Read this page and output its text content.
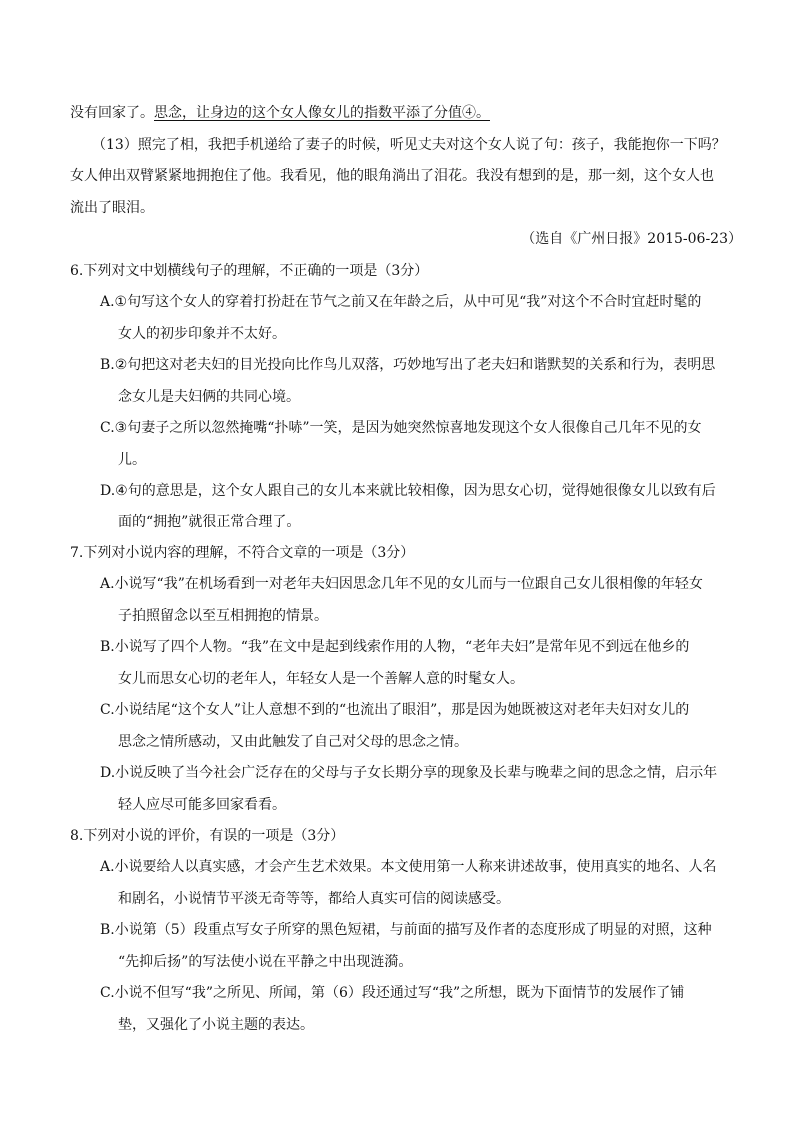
没有回家了。思念，让身边的这个女人像女儿的指数平添了分值④。
（13）照完了相，我把手机递给了妻子的时候，听见丈夫对这个女人说了句：孩子，我能抱你一下吗？
女人伸出双臂紧紧地拥抱住了他。我看见，他的眼角淌出了泪花。我没有想到的是，那一刻，这个女人也
流出了眼泪。
（选自《广州日报》2015-06-23）
6.下列对文中划横线句子的理解，不正确的一项是（3分）
A.①句写这个女人的穿着打扮赶在节气之前又在年龄之后，从中可见“我”对这个不合时宜赶时髦的
女人的初步印象并不太好。
B.②句把这对老夫妇的目光投向比作鸟儿双落，巧妙地写出了老夫妇和谐默契的关系和行为，表明思
念女儿是夫妇俩的共同心境。
C.③句妻子之所以忽然掩嘴“扑哧”一笑，是因为她突然惊喜地发现这个女人很像自己几年不见的女
儿。
D.④句的意思是，这个女人跟自己的女儿本来就比较相像，因为思女心切，觉得她很像女儿以致有后
面的“拥抱”就很正常合理了。
7.下列对小说内容的理解，不符合文章的一项是（3分）
A.小说写“我”在机场看到一对老年夫妇因思念几年不见的女儿而与一位跟自己女儿很相像的年轻女
子拍照留念以至互相拥抱的情景。
B.小说写了四个人物。“我”在文中是起到线索作用的人物，“老年夫妇”是常年见不到远在他乡的
女儿而思女心切的老年人，年轻女人是一个善解人意的时髦女人。
C.小说结尾“这个女人”让人意想不到的“也流出了眼泪”，那是因为她既被这对老年夫妇对女儿的
思念之情所感动，又由此触发了自己对父母的思念之情。
D.小说反映了当今社会广泛存在的父母与子女长期分享的现象及长辈与晚辈之间的思念之情，启示年
轻人应尽可能多回家看看。
8.下列对小说的评价，有误的一项是（3分）
A.小说要给人以真实感，才会产生艺术效果。本文使用第一人称来讲述故事，使用真实的地名、人名
和剧名，小说情节平淡无奇等等，都给人真实可信的阅读感受。
B.小说第（5）段重点写女子所穿的黑色短裙，与前面的描写及作者的态度形成了明显的对照，这种
“先抑后扬”的写法使小说在平静之中出现涟漪。
C.小说不但写“我”之所见、所闻，第（6）段还通过写“我”之所想，既为下面情节的发展作了铺
垫，又强化了小说主题的表达。
